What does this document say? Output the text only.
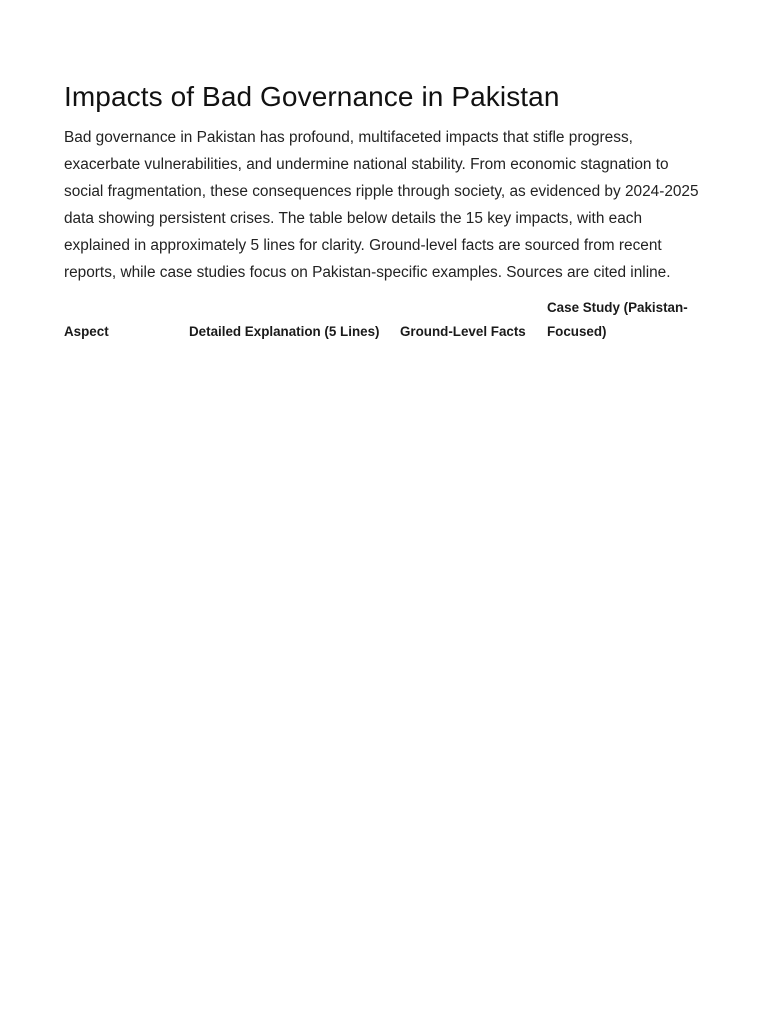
Impacts of Bad Governance in Pakistan

Bad governance in Pakistan has profound, multifaceted impacts that stifle progress, exacerbate vulnerabilities, and undermine national stability. From economic stagnation to social fragmentation, these consequences ripple through society, as evidenced by 2024-2025 data showing persistent crises. The table below details the 15 key impacts, with each explained in approximately 5 lines for clarity. Ground-level facts are sourced from recent reports, while case studies focus on Pakistan-specific examples. Sources are cited inline.

Aspect	Detailed Explanation (5 Lines)	Ground-Level Facts	Case Study (Pakistan-Focused)
